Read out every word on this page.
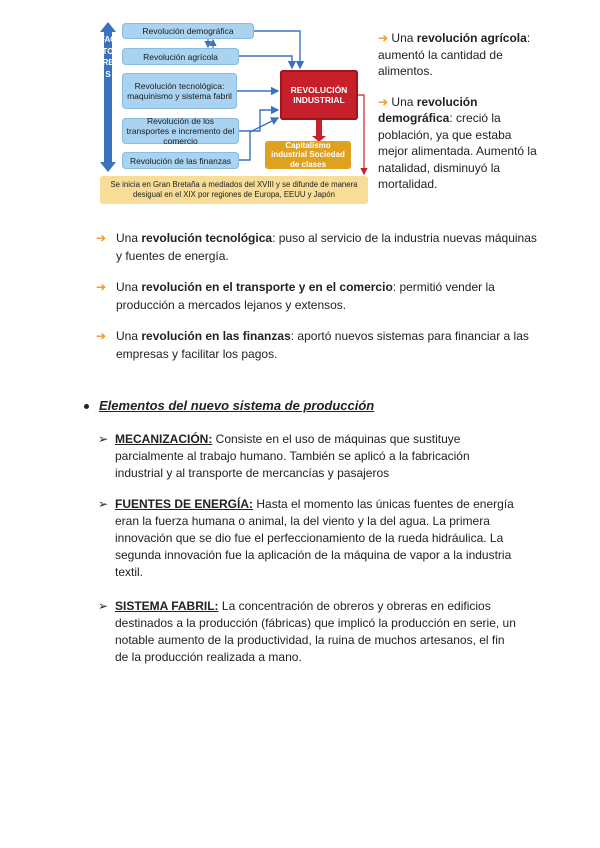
FACTORES
Revolución demográfica
Revolución agrícola
Revolución tecnológica: maquinismo y sistema fabril
Revolución de los transportes e incremento del comercio
Revolución de las finanzas
REVOLUCIÓN INDUSTRIAL
Capitalismo industrial Sociedad de clases
Se inicia en Gran Bretaña a mediados del XVIII y se difunde de manera desigual en el XIX por regiones de Europa, EEUU y Japón
➔ Una revolución agrícola: aumentó la cantidad de alimentos.
➔ Una revolución demográfica: creció la población, ya que estaba mejor alimentada. Aumentó la natalidad, disminuyó la mortalidad.
➔ Una revolución tecnológica: puso al servicio de la industria nuevas máquinas y fuentes de energía.
➔ Una revolución en el transporte y en el comercio: permitió vender la producción a mercados lejanos y extensos.
➔ Una revolución en las finanzas: aportó nuevos sistemas para financiar a las empresas y facilitar los pagos.
Elementos del nuevo sistema de producción
➢ MECANIZACIÓN: Consiste en el uso de máquinas que sustituye parcialmente al trabajo humano. También se aplicó a la fabricación industrial y al transporte de mercancías y pasajeros
➢ FUENTES DE ENERGÍA: Hasta el momento las únicas fuentes de energía eran la fuerza humana o animal, la del viento y la del agua. La primera innovación que se dio fue el perfeccionamiento de la rueda hidráulica. La segunda innovación fue la aplicación de la máquina de vapor a la industria textil.
➢ SISTEMA FABRIL: La concentración de obreros y obreras en edificios destinados a la producción (fábricas) que implicó la producción en serie, un notable aumento de la productividad, la ruina de muchos artesanos, el fin de la producción realizada a mano.
